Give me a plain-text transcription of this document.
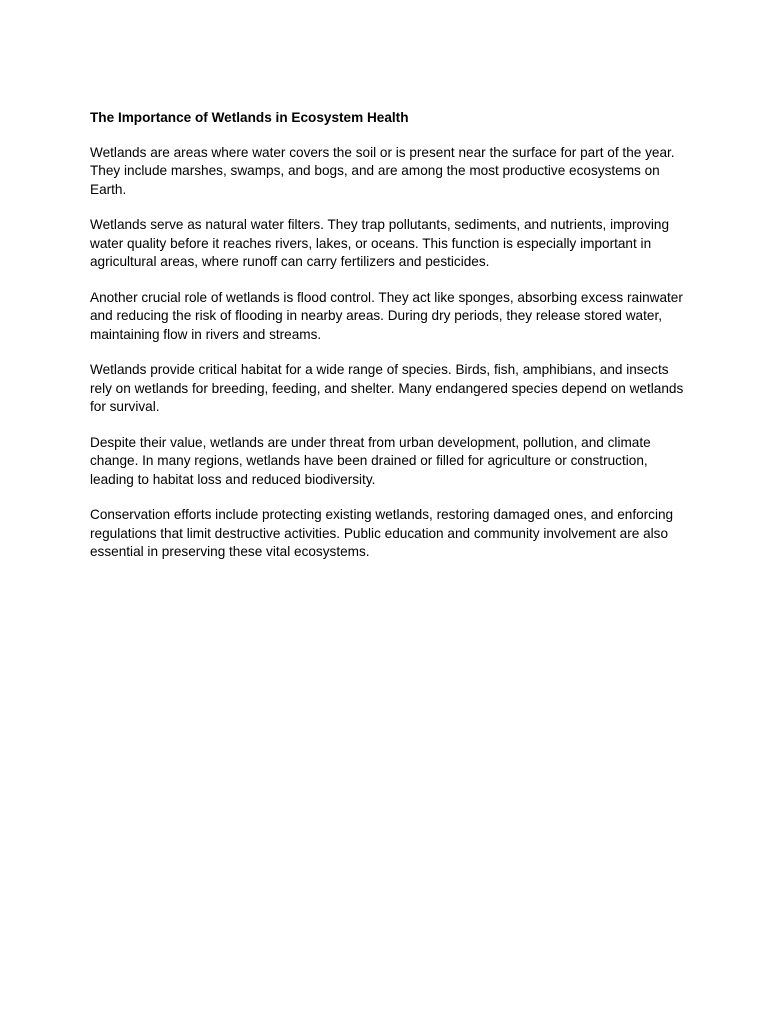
The Importance of Wetlands in Ecosystem Health

Wetlands are areas where water covers the soil or is present near the surface for part of the year. They include marshes, swamps, and bogs, and are among the most productive ecosystems on Earth.

Wetlands serve as natural water filters. They trap pollutants, sediments, and nutrients, improving water quality before it reaches rivers, lakes, or oceans. This function is especially important in agricultural areas, where runoff can carry fertilizers and pesticides.

Another crucial role of wetlands is flood control. They act like sponges, absorbing excess rainwater and reducing the risk of flooding in nearby areas. During dry periods, they release stored water, maintaining flow in rivers and streams.

Wetlands provide critical habitat for a wide range of species. Birds, fish, amphibians, and insects rely on wetlands for breeding, feeding, and shelter. Many endangered species depend on wetlands for survival.

Despite their value, wetlands are under threat from urban development, pollution, and climate change. In many regions, wetlands have been drained or filled for agriculture or construction, leading to habitat loss and reduced biodiversity.

Conservation efforts include protecting existing wetlands, restoring damaged ones, and enforcing regulations that limit destructive activities. Public education and community involvement are also essential in preserving these vital ecosystems.
